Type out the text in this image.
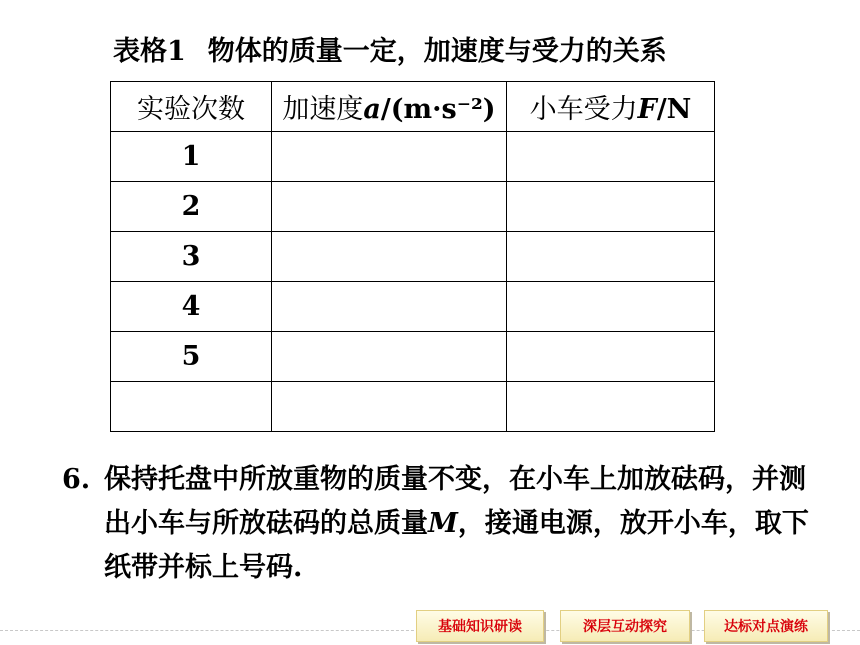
表格1 物体的质量一定，加速度与受力的关系
实验次数	加速度a/(m·s⁻²)	小车受力F/N
1		
2		
3		
4		
5		

6. 保持托盘中所放重物的质量不变，在小车上加放砝码，并测出小车与所放砝码的总质量M，接通电源，放开小车，取下纸带并标上号码.
基础知识研读	深层互动探究	达标对点演练
